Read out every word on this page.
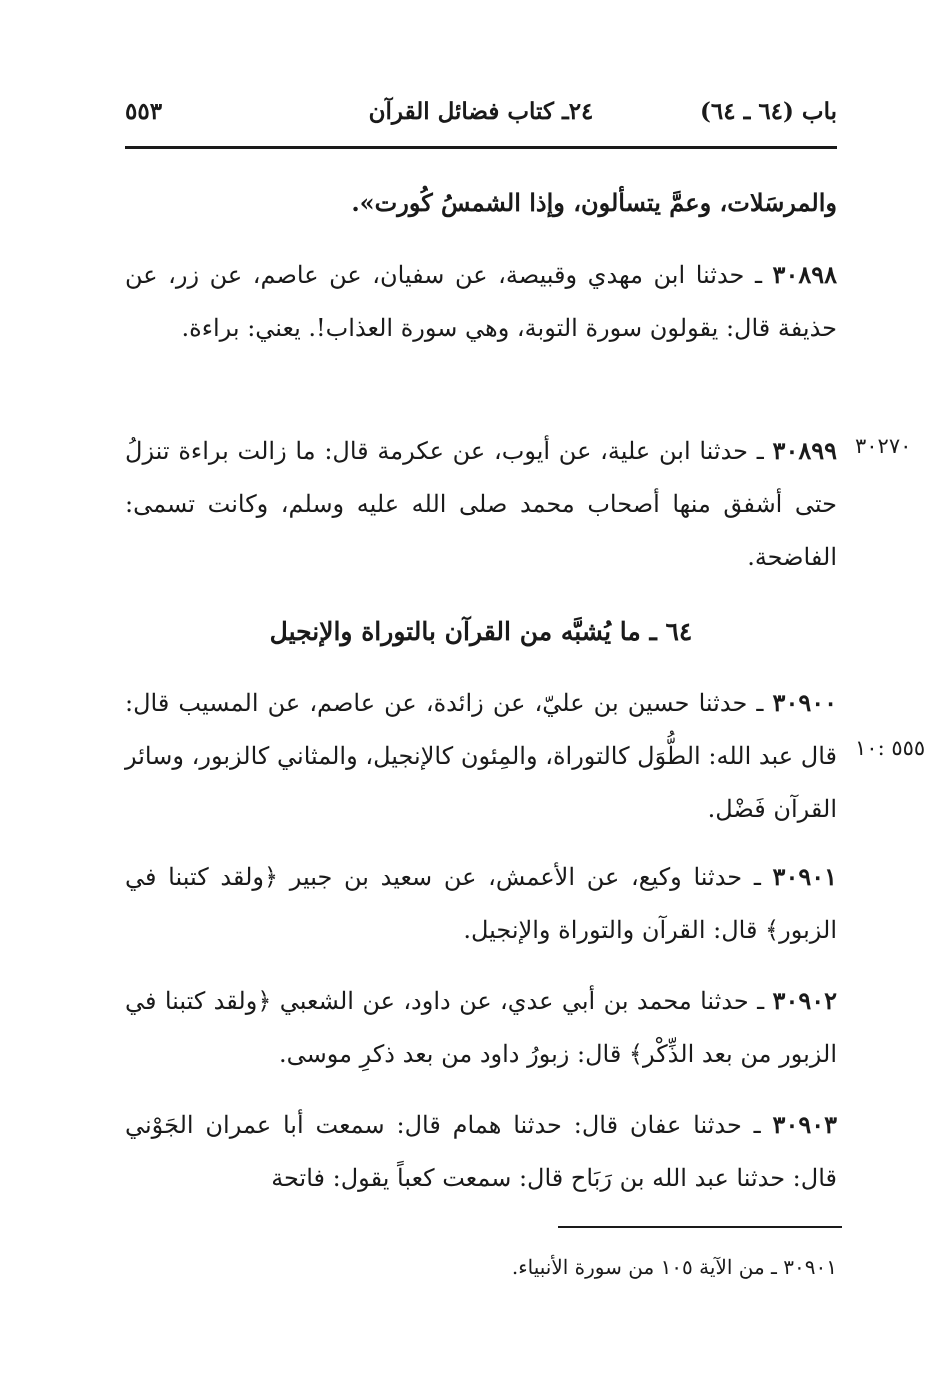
باب (٦٤ ـ ٦٤)
٢٤ـ كتاب فضائل القرآن
٥٥٣

والمرسَلات، وعمَّ يتسألون، وإذا الشمسُ كُورت».

٣٠٨٩٨ ـ حدثنا ابن مهدي وقبيصة، عن سفيان، عن عاصم، عن زر، عن حذيفة قال: يقولون سورة التوبة، وهي سورة العذاب!. يعني: براءة.

٣٠٢٧٠

٣٠٨٩٩ ـ حدثنا ابن علية، عن أيوب، عن عكرمة قال: ما زالت براءة تنزلُ حتى أشفق منها أصحاب محمد صلى الله عليه وسلم، وكانت تسمى: الفاضحة.

٦٤ ـ ما يُشبَّه من القرآن بالتوراة والإنجيل

٣٠٩٠٠ ـ حدثنا حسين بن عليّ، عن زائدة، عن عاصم، عن المسيب قال: قال عبد الله: الطُّوَل كالتوراة، والمِئون كالإنجيل، والمثاني كالزبور، وسائر القرآن فَضْل.

٥٥٥ :١٠

٣٠٩٠١ ـ حدثنا وكيع، عن الأعمش، عن سعيد بن جبير ﴿ولقد كتبنا في الزبور﴾ قال: القرآن والتوراة والإنجيل.

٣٠٩٠٢ ـ حدثنا محمد بن أبي عدي، عن داود، عن الشعبي ﴿ولقد كتبنا في الزبور من بعد الذِّكْر﴾ قال: زبورُ داود من بعد ذكرِ موسى.

٣٠٩٠٣ ـ حدثنا عفان قال: حدثنا همام قال: سمعت أبا عمران الجَوْني قال: حدثنا عبد الله بن رَبَاح قال: سمعت كعباً يقول: فاتحة

٣٠٩٠١ ـ من الآية ١٠٥ من سورة الأنبياء.
